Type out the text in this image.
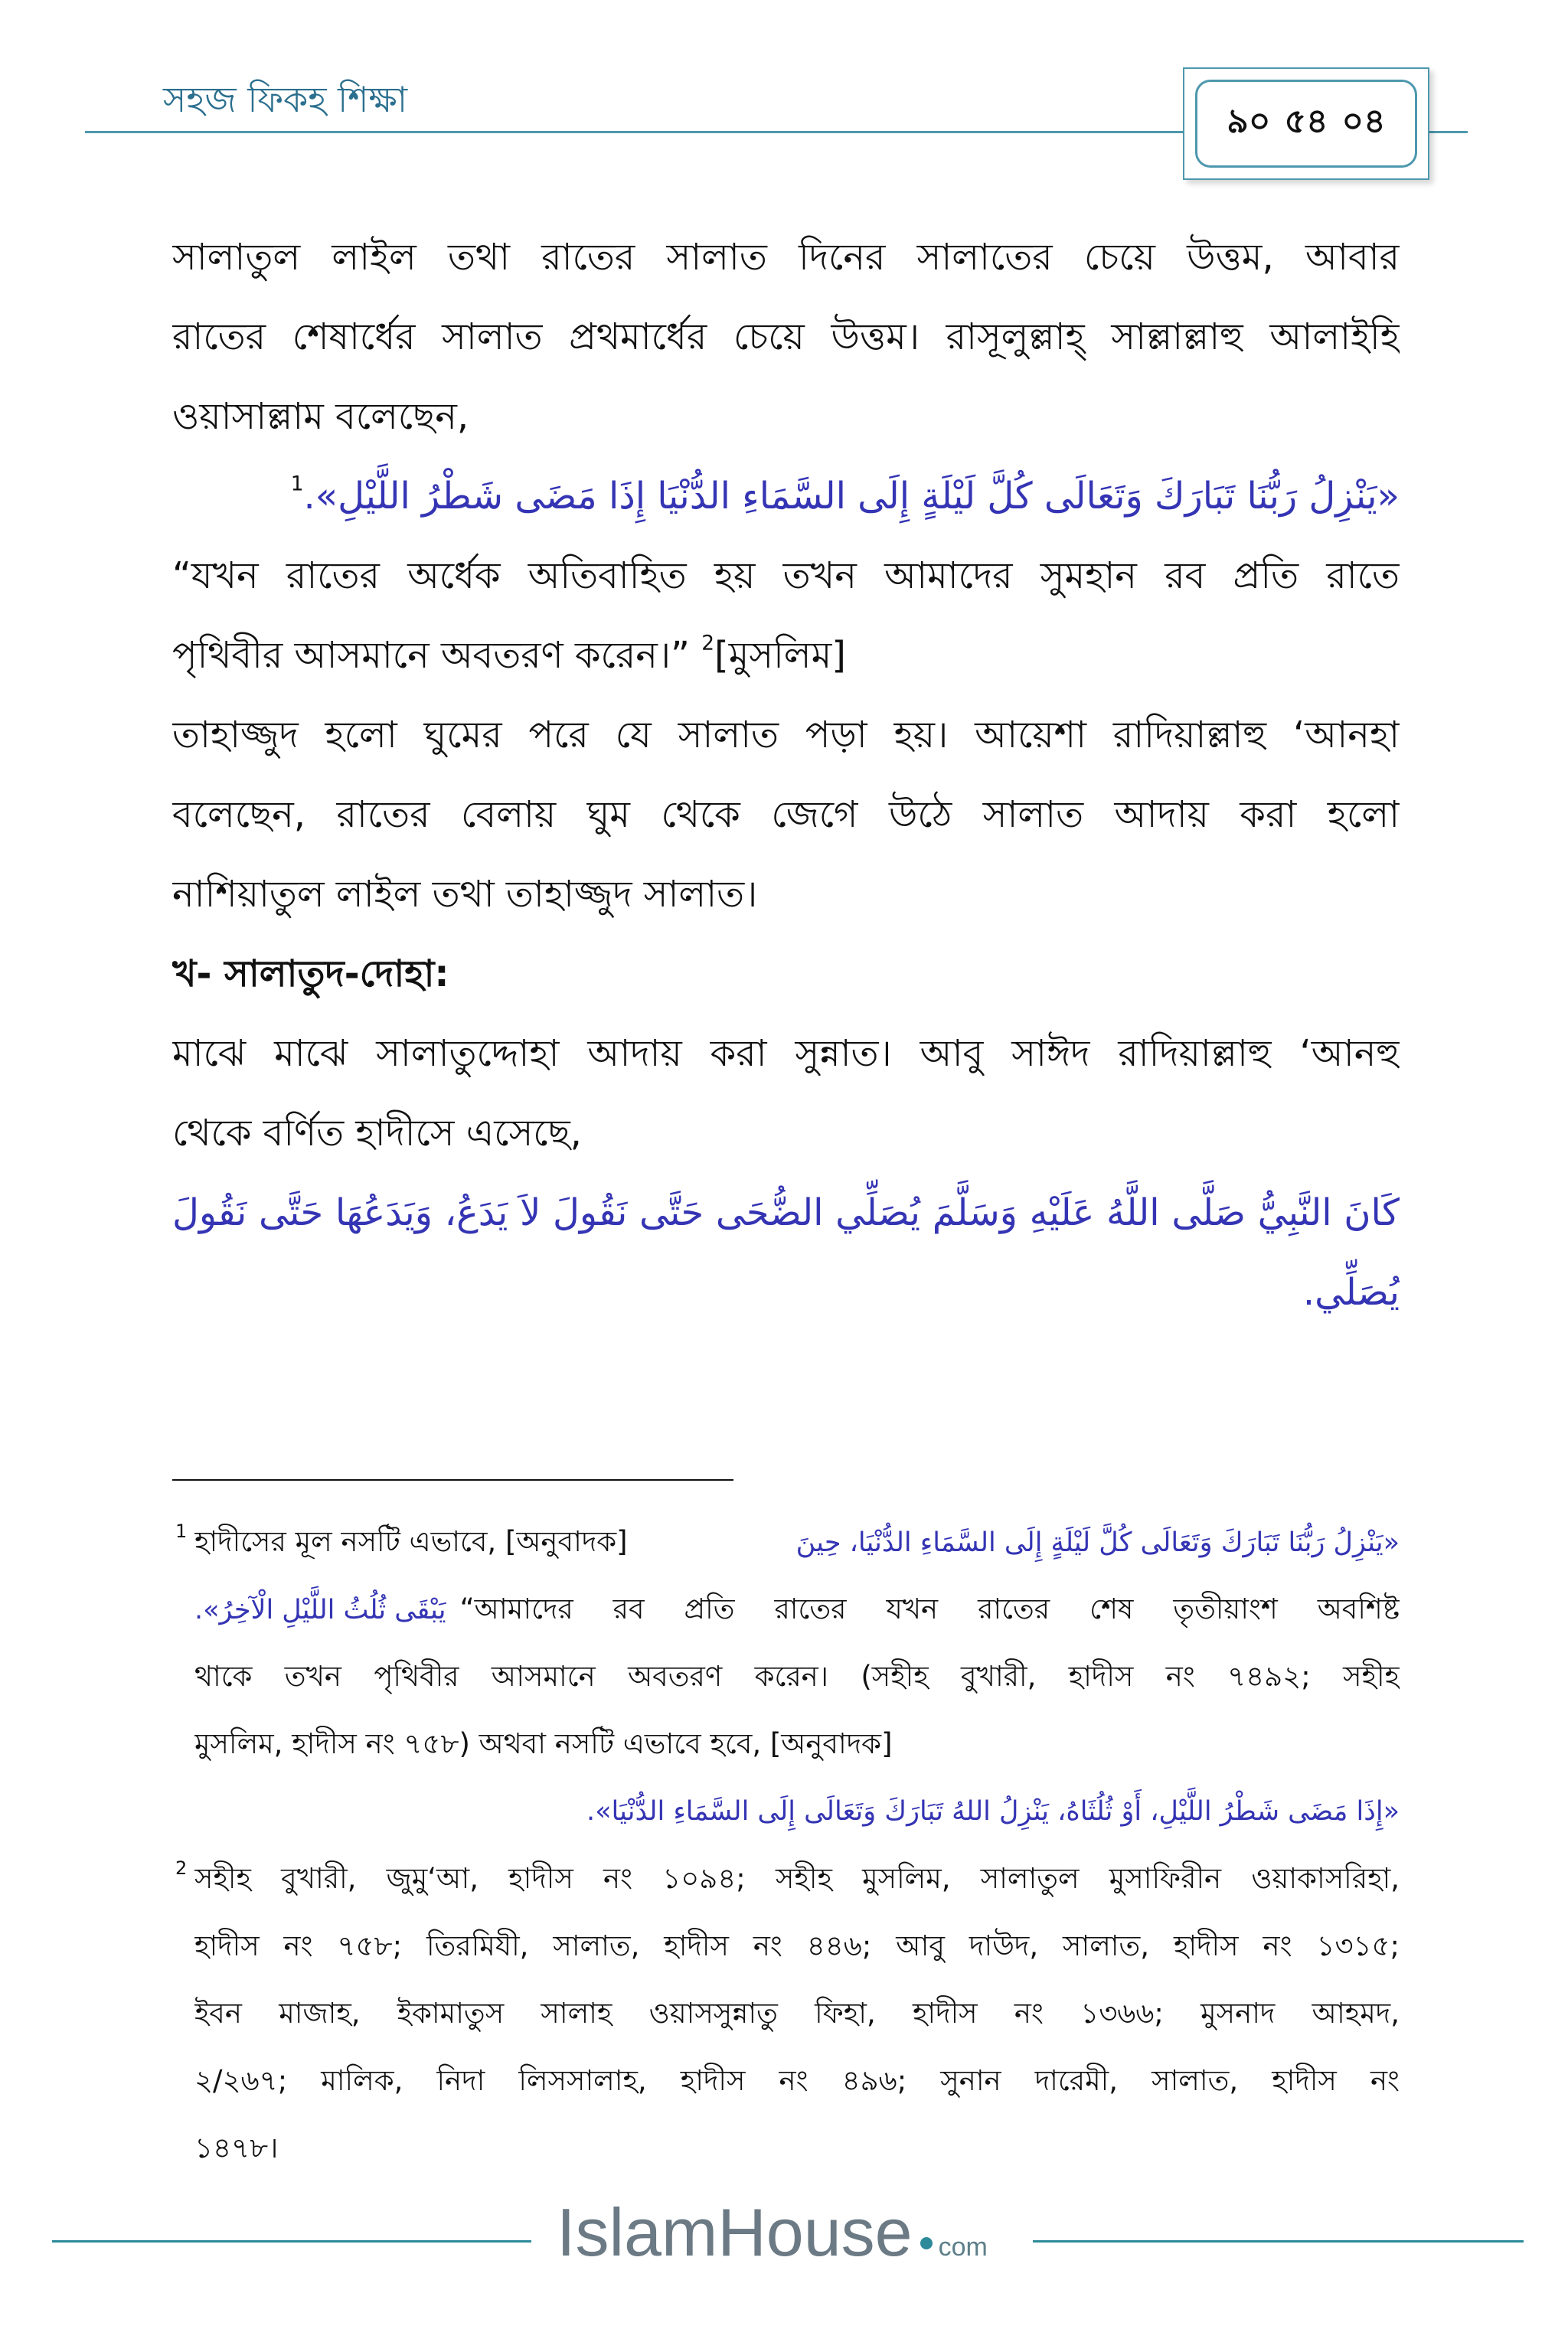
সহজ ফিকহ শিক্ষা
৯০ ৫৪ ০৪
সালাতুল লাইল তথা রাতের সালাত দিনের সালাতের চেয়ে উত্তম, আবার
রাতের শেষার্ধের সালাত প্রথমার্ধের চেয়ে উত্তম। রাসূলুল্লাহ্ সাল্লাল্লাহু আলাইহি
ওয়াসাল্লাম বলেছেন,
«يَنْزِلُ رَبُّنَا تَبَارَكَ وَتَعَالَى كُلَّ لَيْلَةٍ إِلَى السَّمَاءِ الدُّنْيَا إِذَا مَضَى شَطْرُ اللَّيْلِ».$^1$
“যখন রাতের অর্ধেক অতিবাহিত হয় তখন আমাদের সুমহান রব প্রতি রাতে
পৃথিবীর আসমানে অবতরণ করেন।” $^2$[মুসলিম]
তাহাজ্জুদ হলো ঘুমের পরে যে সালাত পড়া হয়। আয়েশা রাদিয়াল্লাহু ‘আনহা
বলেছেন, রাতের বেলায় ঘুম থেকে জেগে উঠে সালাত আদায় করা হলো
নাশিয়াতুল লাইল তথা তাহাজ্জুদ সালাত।
খ- সালাতুদ-দোহা:
মাঝে মাঝে সালাতুদ্দোহা আদায় করা সুন্নাত। আবু সাঈদ রাদিয়াল্লাহু ‘আনহু
থেকে বর্ণিত হাদীসে এসেছে,
كَانَ النَّبِيُّ صَلَّى اللَّهُ عَلَيْهِ وَسَلَّمَ يُصَلِّي الضُّحَى حَتَّى نَقُولَ لاَ يَدَعُ، وَيَدَعُهَا حَتَّى نَقُولَ
يُصَلِّي.
1 হাদীসের মূল নসটি এভাবে, [অনুবাদক]	«يَنْزِلُ رَبُّنَا تَبَارَكَ وَتَعَالَى كُلَّ لَيْلَةٍ إِلَى السَّمَاءِ الدُّنْيَا، حِينَ
يَبْقَى ثُلُثُ اللَّيْلِ الْآخِرُ». “আমাদের রব প্রতি রাতের যখন রাতের শেষ তৃতীয়াংশ অবশিষ্ট
থাকে তখন পৃথিবীর আসমানে অবতরণ করেন। (সহীহ বুখারী, হাদীস নং ৭৪৯২; সহীহ
মুসলিম, হাদীস নং ৭৫৮) অথবা নসটি এভাবে হবে, [অনুবাদক]
«إِذَا مَضَى شَطْرُ اللَّيْلِ، أَوْ ثُلُثَاهُ، يَنْزِلُ اللهُ تَبَارَكَ وَتَعَالَى إِلَى السَّمَاءِ الدُّنْيَا».
2 সহীহ বুখারী, জুমু‘আ, হাদীস নং ১০৯৪; সহীহ মুসলিম, সালাতুল মুসাফিরীন ওয়াকাসরিহা,
হাদীস নং ৭৫৮; তিরমিযী, সালাত, হাদীস নং ৪৪৬; আবু দাউদ, সালাত, হাদীস নং ১৩১৫;
ইবন মাজাহ, ইকামাতুস সালাহ ওয়াসসুন্নাতু ফিহা, হাদীস নং ১৩৬৬; মুসনাদ আহমদ,
২/২৬৭; মালিক, নিদা লিসসালাহ, হাদীস নং ৪৯৬; সুনান দারেমী, সালাত, হাদীস নং
১৪৭৮।
IslamHouse com
